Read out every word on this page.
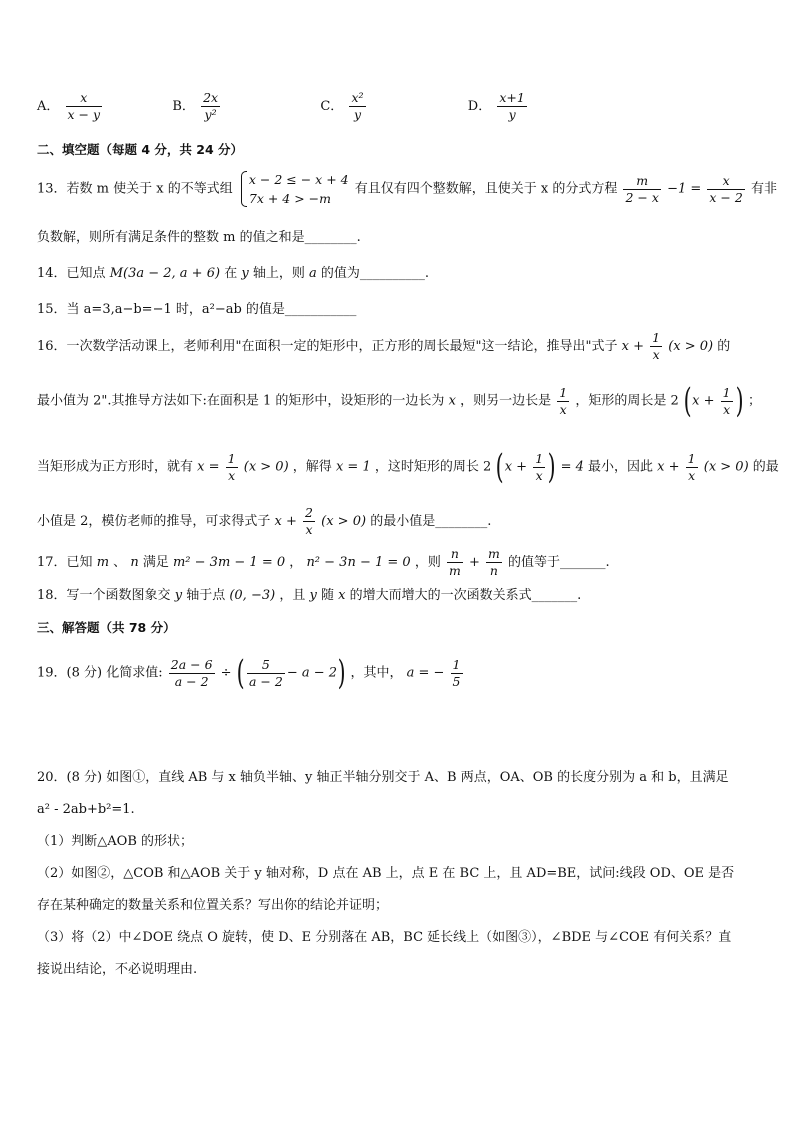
A． $\frac{x}{x - y}$	B． $\frac{2x}{\text{y²}}$	C． $\frac{\text{x²}}{y}$	D． $\frac{x+1}{y}$
二、填空题（每题 4 分，共 24 分）
13．若数 m 使关于 x 的不等式组
x − 2 ≤ − x + 4
7x + 4 > −m
有且仅有四个整数解，且使关于 x 的分式方程 $\frac{m}{2 - x} -1 = \frac{x}{x - 2}$ 有非
负数解，则所有满足条件的整数 m 的值之和是________.
14．已知点 M(3a − 2, a + 6) 在 y 轴上，则 a 的值为__________.
15．当 a=3,a−b=−1 时，a²−ab 的值是___________
16．一次数学活动课上，老师利用"在面积一定的矩形中，正方形的周长最短"这一结论，推导出"式子 $x + \frac{1}{x} (x > 0)$ 的
最小值为 2".其推导方法如下:在面积是 1 的矩形中，设矩形的一边长为 x ，则另一边长是 $\frac{1}{x}$ ，矩形的周长是 2 ($x + \frac{1}{x}$ ) ；
当矩形成为正方形时，就有 $x = \frac{1}{x} (x > 0)$ ，解得 x = 1 ，这时矩形的周长 2 ($x + \frac{1}{x}$ ) = 4 最小，因此 $x + \frac{1}{x} (x > 0)$ 的最
小值是 2，模仿老师的推导，可求得式子 $x + \frac{2}{x} (x > 0)$ 的最小值是________.
17．已知 m 、 n 满足 m² − 3m − 1 = 0 ， n² − 3n − 1 = 0 ，则 $\frac{n}{m} + \frac{m}{n}$ 的值等于_______.
18．写一个函数图象交 y 轴于点 (0, −3) ，且 y 随 x 的增大而增大的一次函数关系式_______.
三、解答题（共 78 分）
19．(8 分) 化简求值: $\frac{2a - 6}{a - 2}$ ÷ ( $\frac{5}{a - 2} - a - 2$) ，其中， a = − $\frac{1}{5}$
20．(8 分) 如图①，直线 AB 与 x 轴负半轴、y 轴正半轴分别交于 A、B 两点，OA、OB 的长度分别为 a 和 b，且满足
a² - 2ab+b²=1.
（1）判断△AOB 的形状；
（2）如图②，△COB 和△AOB 关于 y 轴对称，D 点在 AB 上，点 E 在 BC 上，且 AD=BE，试问:线段 OD、OE 是否
存在某种确定的数量关系和位置关系？写出你的结论并证明；
（3）将（2）中∠DOE 绕点 O 旋转，使 D、E 分别落在 AB，BC 延长线上（如图③），∠BDE 与∠COE 有何关系？直
接说出结论，不必说明理由.
